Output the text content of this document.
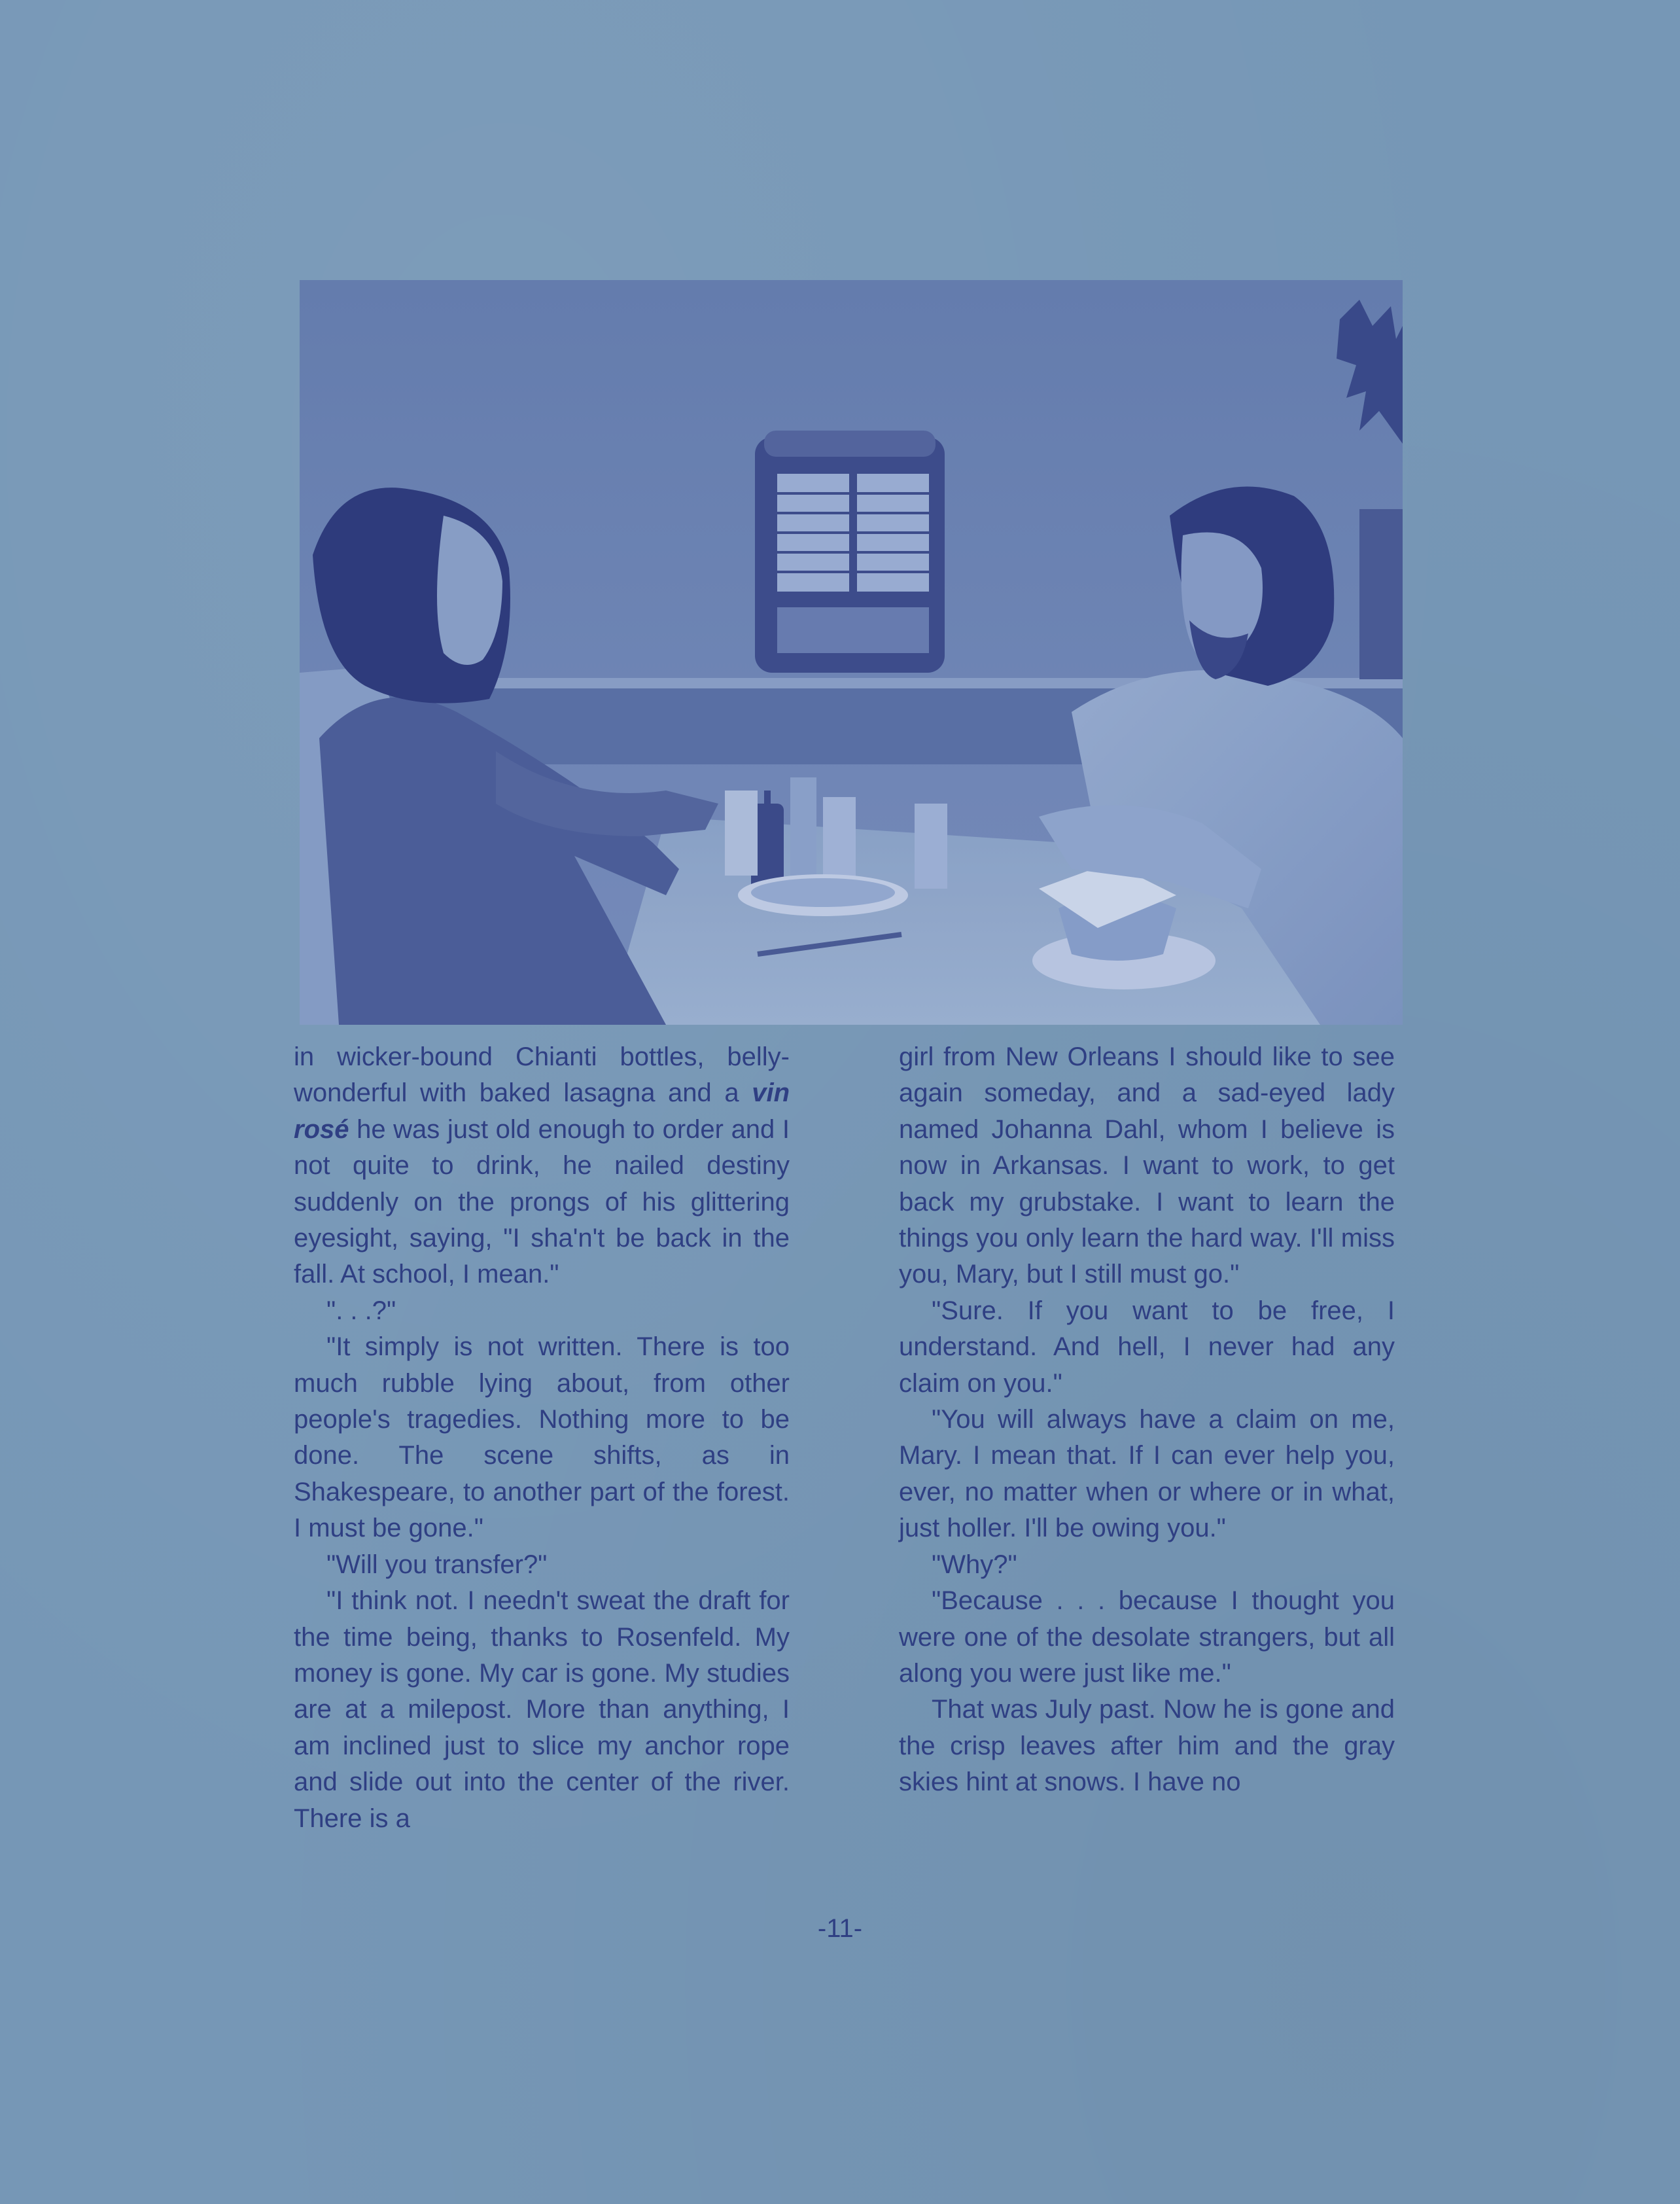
in wicker-bound Chianti bottles, belly-wonderful with baked lasagna and a vin rosé he was just old enough to order and I not quite to drink, he nailed destiny suddenly on the prongs of his glittering eyesight, saying, "I sha'n't be back in the fall. At school, I mean."

". . .?"

"It simply is not written. There is too much rubble lying about, from other people's tragedies. Nothing more to be done. The scene shifts, as in Shakespeare, to another part of the forest. I must be gone."

"Will you transfer?"

"I think not. I needn't sweat the draft for the time being, thanks to Rosenfeld. My money is gone. My car is gone. My studies are at a milepost. More than anything, I am inclined just to slice my anchor rope and slide out into the center of the river. There is a

girl from New Orleans I should like to see again someday, and a sad-eyed lady named Johanna Dahl, whom I believe is now in Arkansas. I want to work, to get back my grubstake. I want to learn the things you only learn the hard way. I'll miss you, Mary, but I still must go."

"Sure. If you want to be free, I understand. And hell, I never had any claim on you."

"You will always have a claim on me, Mary. I mean that. If I can ever help you, ever, no matter when or where or in what, just holler. I'll be owing you."

"Why?"

"Because . . . because I thought you were one of the desolate strangers, but all along you were just like me."

That was July past. Now he is gone and the crisp leaves after him and the gray skies hint at snows. I have no

-11-
